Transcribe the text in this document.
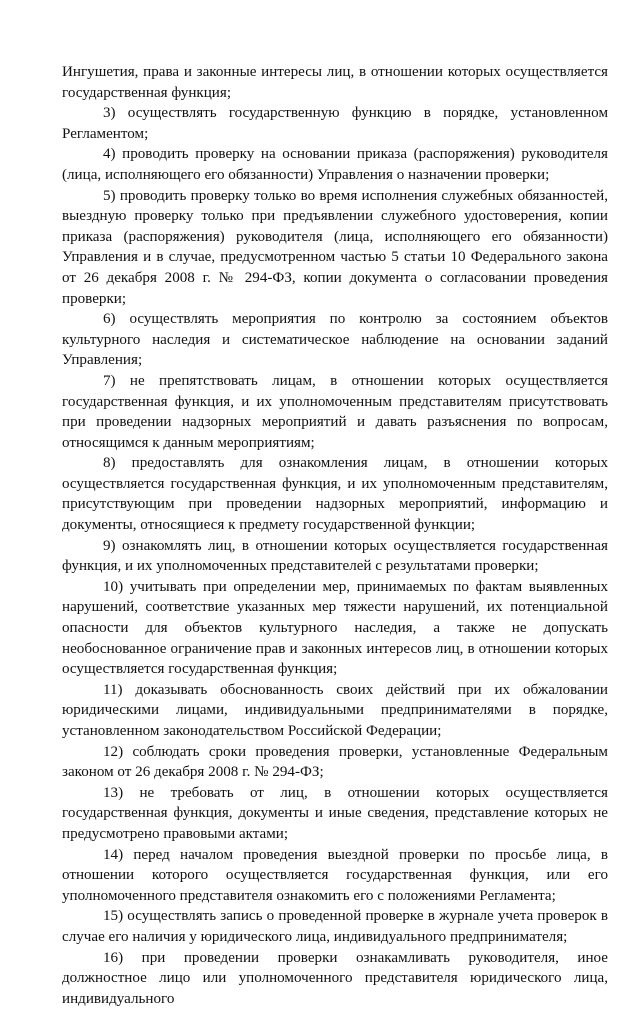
Ингушетия, права и законные интересы лиц, в отношении которых осуществляется государственная функция;

3) осуществлять государственную функцию в порядке, установленном Регламентом;

4) проводить проверку на основании приказа (распоряжения) руководителя (лица, исполняющего его обязанности) Управления о назначении проверки;

5) проводить проверку только во время исполнения служебных обязанностей, выездную проверку только при предъявлении служебного удостоверения, копии приказа (распоряжения) руководителя (лица, исполняющего его обязанности) Управления и в случае, предусмотренном частью 5 статьи 10 Федерального закона от 26 декабря 2008 г. № 294-ФЗ, копии документа о согласовании проведения проверки;

6) осуществлять мероприятия по контролю за состоянием объектов культурного наследия и систематическое наблюдение на основании заданий Управления;

7) не препятствовать лицам, в отношении которых осуществляется государственная функция, и их уполномоченным представителям присутствовать при проведении надзорных мероприятий и давать разъяснения по вопросам, относящимся к данным мероприятиям;

8) предоставлять для ознакомления лицам, в отношении которых осуществляется государственная функция, и их уполномоченным представителям, присутствующим при проведении надзорных мероприятий, информацию и документы, относящиеся к предмету государственной функции;

9) ознакомлять лиц, в отношении которых осуществляется государственная функция, и их уполномоченных представителей с результатами проверки;

10) учитывать при определении мер, принимаемых по фактам выявленных нарушений, соответствие указанных мер тяжести нарушений, их потенциальной опасности для объектов культурного наследия, а также не допускать необоснованное ограничение прав и законных интересов лиц, в отношении которых осуществляется государственная функция;

11) доказывать обоснованность своих действий при их обжаловании юридическими лицами, индивидуальными предпринимателями в порядке, установленном законодательством Российской Федерации;

12) соблюдать сроки проведения проверки, установленные Федеральным законом от 26 декабря 2008 г. № 294-ФЗ;

13) не требовать от лиц, в отношении которых осуществляется государственная функция, документы и иные сведения, представление которых не предусмотрено правовыми актами;

14) перед началом проведения выездной проверки по просьбе лица, в отношении которого осуществляется государственная функция, или его уполномоченного представителя ознакомить его с положениями Регламента;

15) осуществлять запись о проведенной проверке в журнале учета проверок в случае его наличия у юридического лица, индивидуального предпринимателя;

16) при проведении проверки ознакамливать руководителя, иное должностное лицо или уполномоченного представителя юридического лица, индивидуального
